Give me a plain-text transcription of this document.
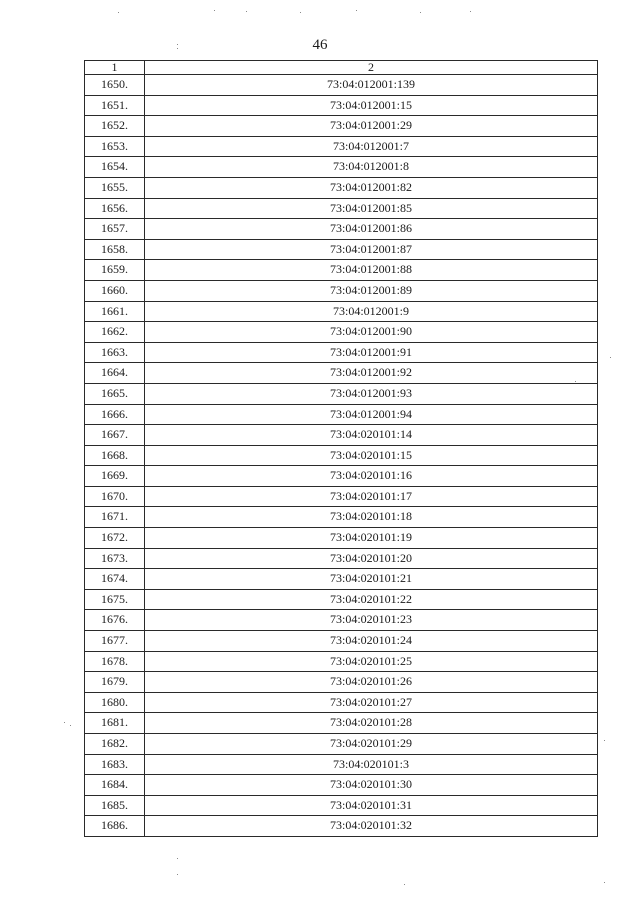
46
1	2
1650.	73:04:012001:139
1651.	73:04:012001:15
1652.	73:04:012001:29
1653.	73:04:012001:7
1654.	73:04:012001:8
1655.	73:04:012001:82
1656.	73:04:012001:85
1657.	73:04:012001:86
1658.	73:04:012001:87
1659.	73:04:012001:88
1660.	73:04:012001:89
1661.	73:04:012001:9
1662.	73:04:012001:90
1663.	73:04:012001:91
1664.	73:04:012001:92
1665.	73:04:012001:93
1666.	73:04:012001:94
1667.	73:04:020101:14
1668.	73:04:020101:15
1669.	73:04:020101:16
1670.	73:04:020101:17
1671.	73:04:020101:18
1672.	73:04:020101:19
1673.	73:04:020101:20
1674.	73:04:020101:21
1675.	73:04:020101:22
1676.	73:04:020101:23
1677.	73:04:020101:24
1678.	73:04:020101:25
1679.	73:04:020101:26
1680.	73:04:020101:27
1681.	73:04:020101:28
1682.	73:04:020101:29
1683.	73:04:020101:3
1684.	73:04:020101:30
1685.	73:04:020101:31
1686.	73:04:020101:32
